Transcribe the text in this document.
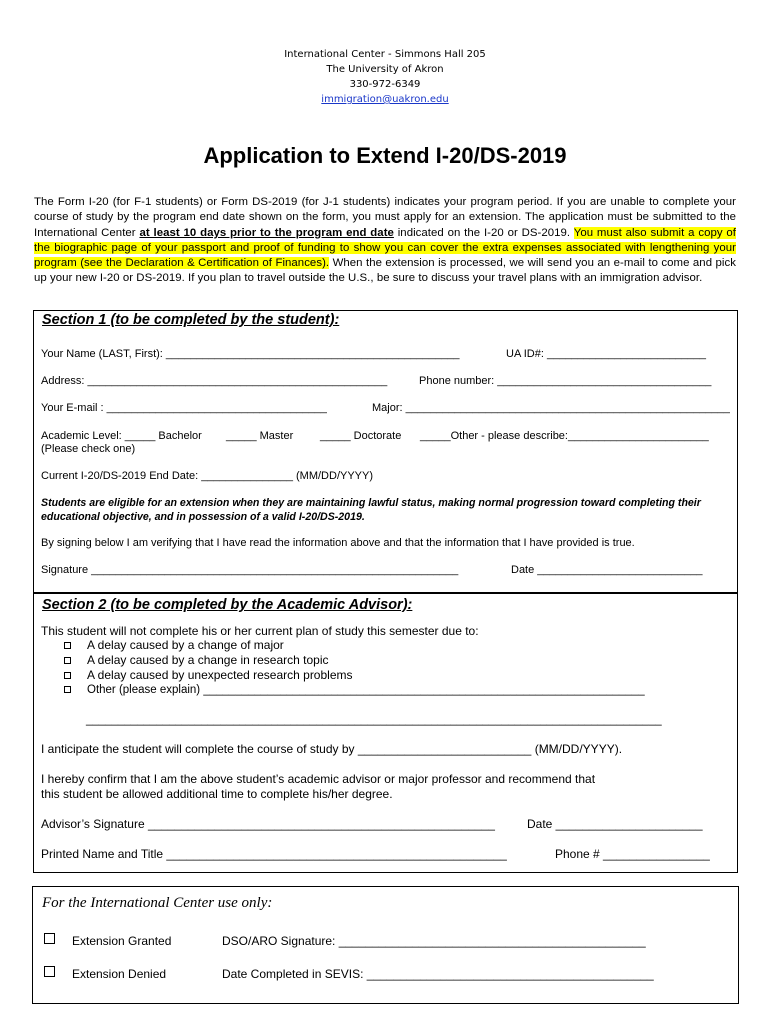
International Center - Simmons Hall 205
The University of Akron
330-972-6349
immigration@uakron.edu
Application to Extend I-20/DS-2019
The Form I-20 (for F-1 students) or Form DS-2019 (for J-1 students) indicates your program period. If you are unable to complete your course of study by the program end date shown on the form, you must apply for an extension. The application must be submitted to the International Center at least 10 days prior to the program end date indicated on the I-20 or DS-2019. You must also submit a copy of the biographic page of your passport and proof of funding to show you can cover the extra expenses associated with lengthening your program (see the Declaration & Certification of Finances). When the extension is processed, we will send you an e-mail to come and pick up your new I-20 or DS-2019. If you plan to travel outside the U.S., be sure to discuss your travel plans with an immigration advisor.
Section 1 (to be completed by the student):
Your Name (LAST, First): ________________________________________________	UA ID#: __________________________
Address: _________________________________________________	Phone number: ___________________________________
Your E-mail : ____________________________________	Major: _____________________________________________________
Academic Level: _____ Bachelor
(Please check one)
_____ Master _____ Doctorate _____Other - please describe:_______________________
Current I-20/DS-2019 End Date: _______________ (MM/DD/YYYY)
Students are eligible for an extension when they are maintaining lawful status, making normal progression toward completing their educational objective, and in possession of a valid I-20/DS-2019.
By signing below I am verifying that I have read the information above and that the information that I have provided is true.
Signature ____________________________________________________________	Date ___________________________
Section 2 (to be completed by the Academic Advisor):
This student will not complete his or her current plan of study this semester due to:
A delay caused by a change of major
A delay caused by a change in research topic
A delay caused by unexpected research problems
Other (please explain) _____________________________________________________________________
__________________________________________________________________________________________
I anticipate the student will complete the course of study by __________________________ (MM/DD/YYYY).
I hereby confirm that I am the above student’s academic advisor or major professor and recommend that
this student be allowed additional time to complete his/her degree.
Advisor’s Signature ____________________________________________________	Date ______________________
Printed Name and Title ___________________________________________________	Phone # ________________
For the International Center use only:
Extension Granted	DSO/ARO Signature: ______________________________________________
Extension Denied	Date Completed in SEVIS: ___________________________________________
